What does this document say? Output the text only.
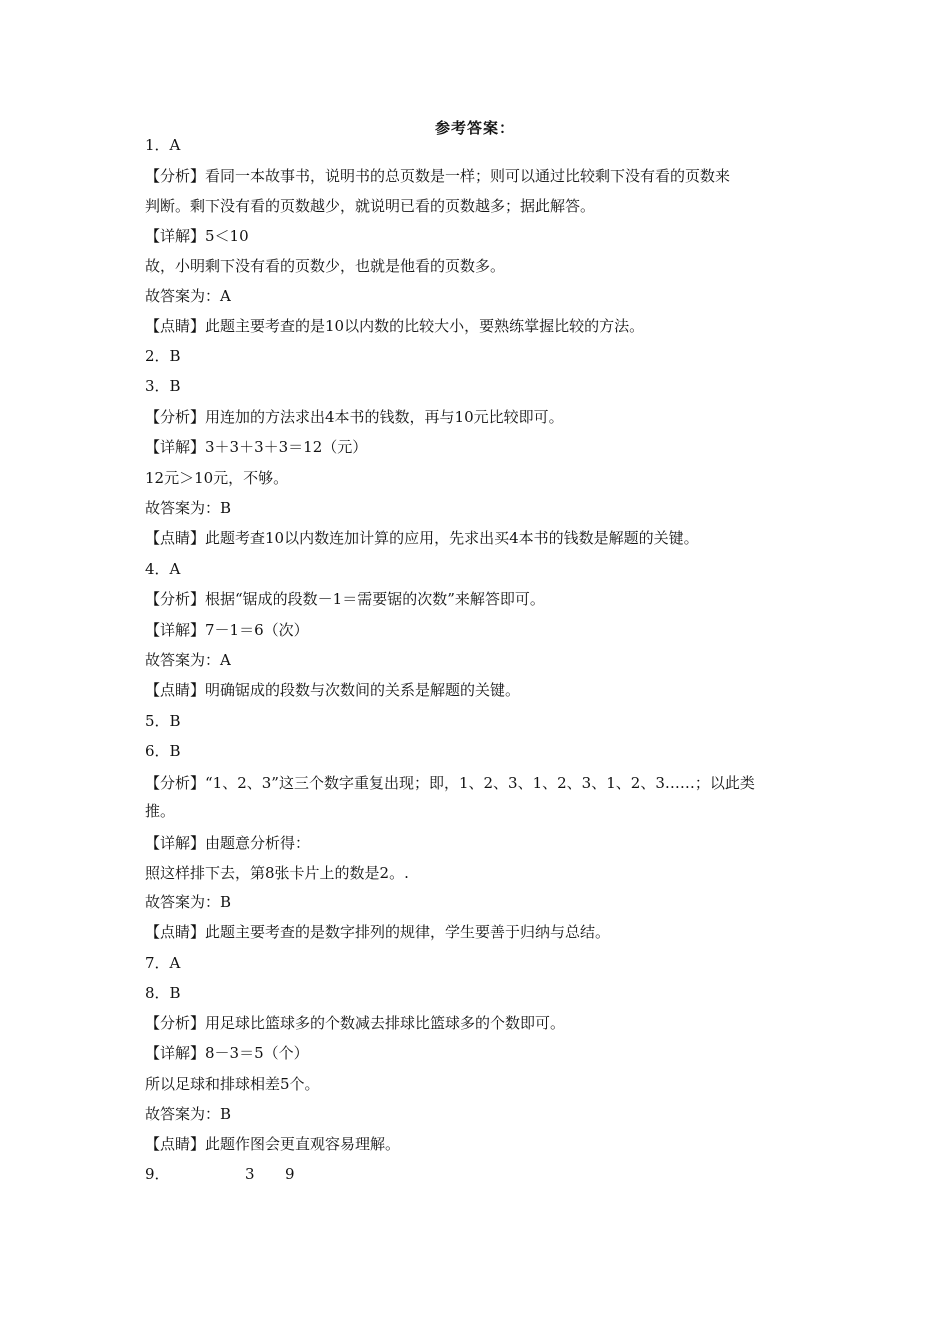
参考答案：
1．A
【分析】看同一本故事书，说明书的总页数是一样；则可以通过比较剩下没有看的页数来
判断。剩下没有看的页数越少，就说明已看的页数越多；据此解答。
【详解】5＜10
故，小明剩下没有看的页数少，也就是他看的页数多。
故答案为：A
【点睛】此题主要考查的是10以内数的比较大小，要熟练掌握比较的方法。
2．B
3．B
【分析】用连加的方法求出4本书的钱数，再与10元比较即可。
【详解】3＋3＋3＋3＝12（元）
12元＞10元，不够。
故答案为：B
【点睛】此题考查10以内数连加计算的应用，先求出买4本书的钱数是解题的关键。
4．A
【分析】根据“锯成的段数－1＝需要锯的次数”来解答即可。
【详解】7－1＝6（次）
故答案为：A
【点睛】明确锯成的段数与次数间的关系是解题的关键。
5．B
6．B
【分析】“1、2、3”这三个数字重复出现；即，1、2、3、1、2、3、1、2、3……；以此类
推。
【详解】由题意分析得：
照这样排下去，第8张卡片上的数是2。.
故答案为：B
【点睛】此题主要考查的是数字排列的规律，学生要善于归纳与总结。
7．A
8．B
【分析】用足球比篮球多的个数减去排球比篮球多的个数即可。
【详解】8－3＝5（个）
所以足球和排球相差5个。
故答案为：B
【点睛】此题作图会更直观容易理解。
9．	3 9
